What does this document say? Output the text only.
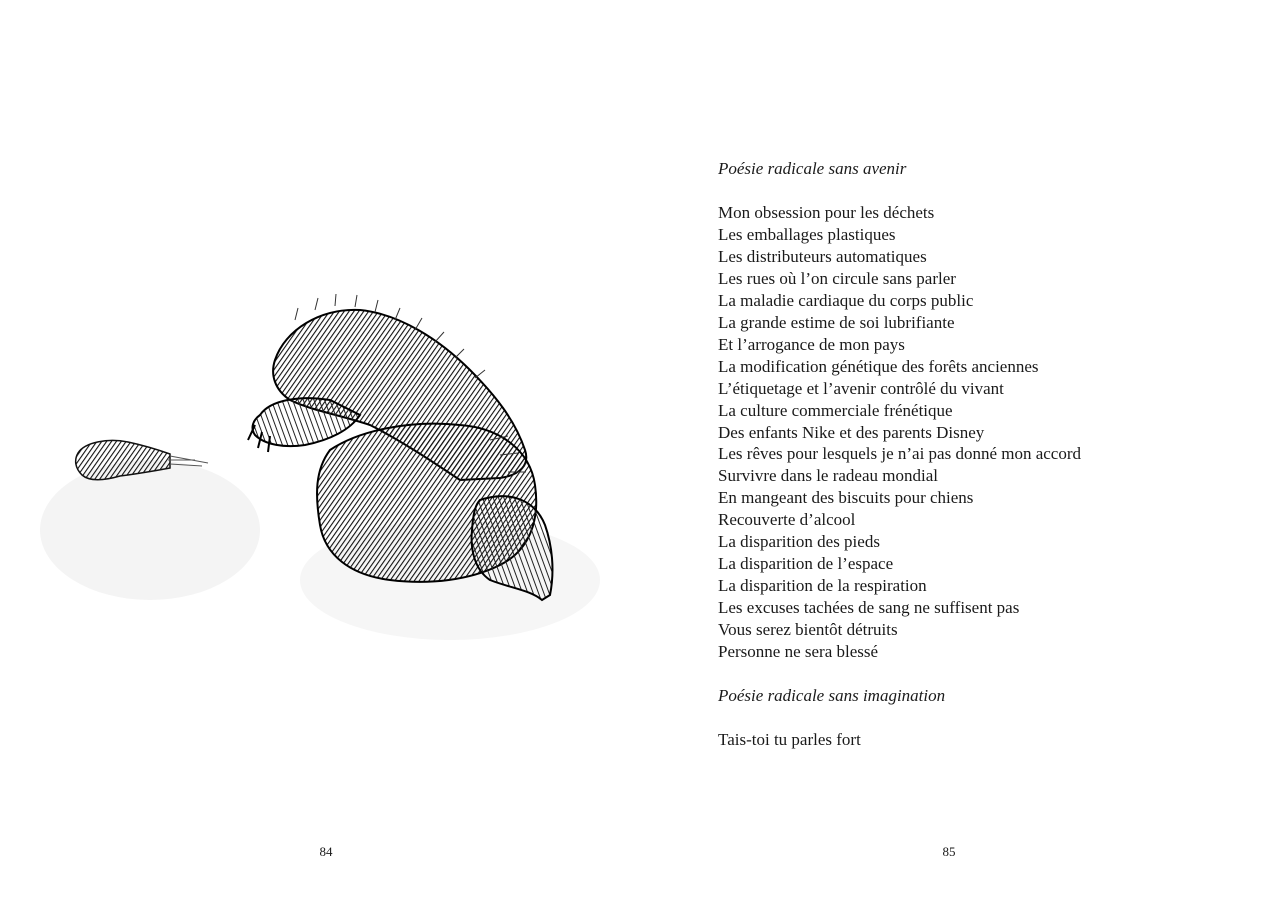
84

Poésie radicale sans avenir

Mon obsession pour les déchets
Les emballages plastiques
Les distributeurs automatiques
Les rues où l’on circule sans parler
La maladie cardiaque du corps public
La grande estime de soi lubrifiante
Et l’arrogance de mon pays
La modification génétique des forêts anciennes
L’étiquetage et l’avenir contrôlé du vivant
La culture commerciale frénétique
Des enfants Nike et des parents Disney
Les rêves pour lesquels je n’ai pas donné mon accord
Survivre dans le radeau mondial
En mangeant des biscuits pour chiens
Recouverte d’alcool
La disparition des pieds
La disparition de l’espace
La disparition de la respiration
Les excuses tachées de sang ne suffisent pas
Vous serez bientôt détruits
Personne ne sera blessé

Poésie radicale sans imagination

Tais-toi tu parles fort
85
